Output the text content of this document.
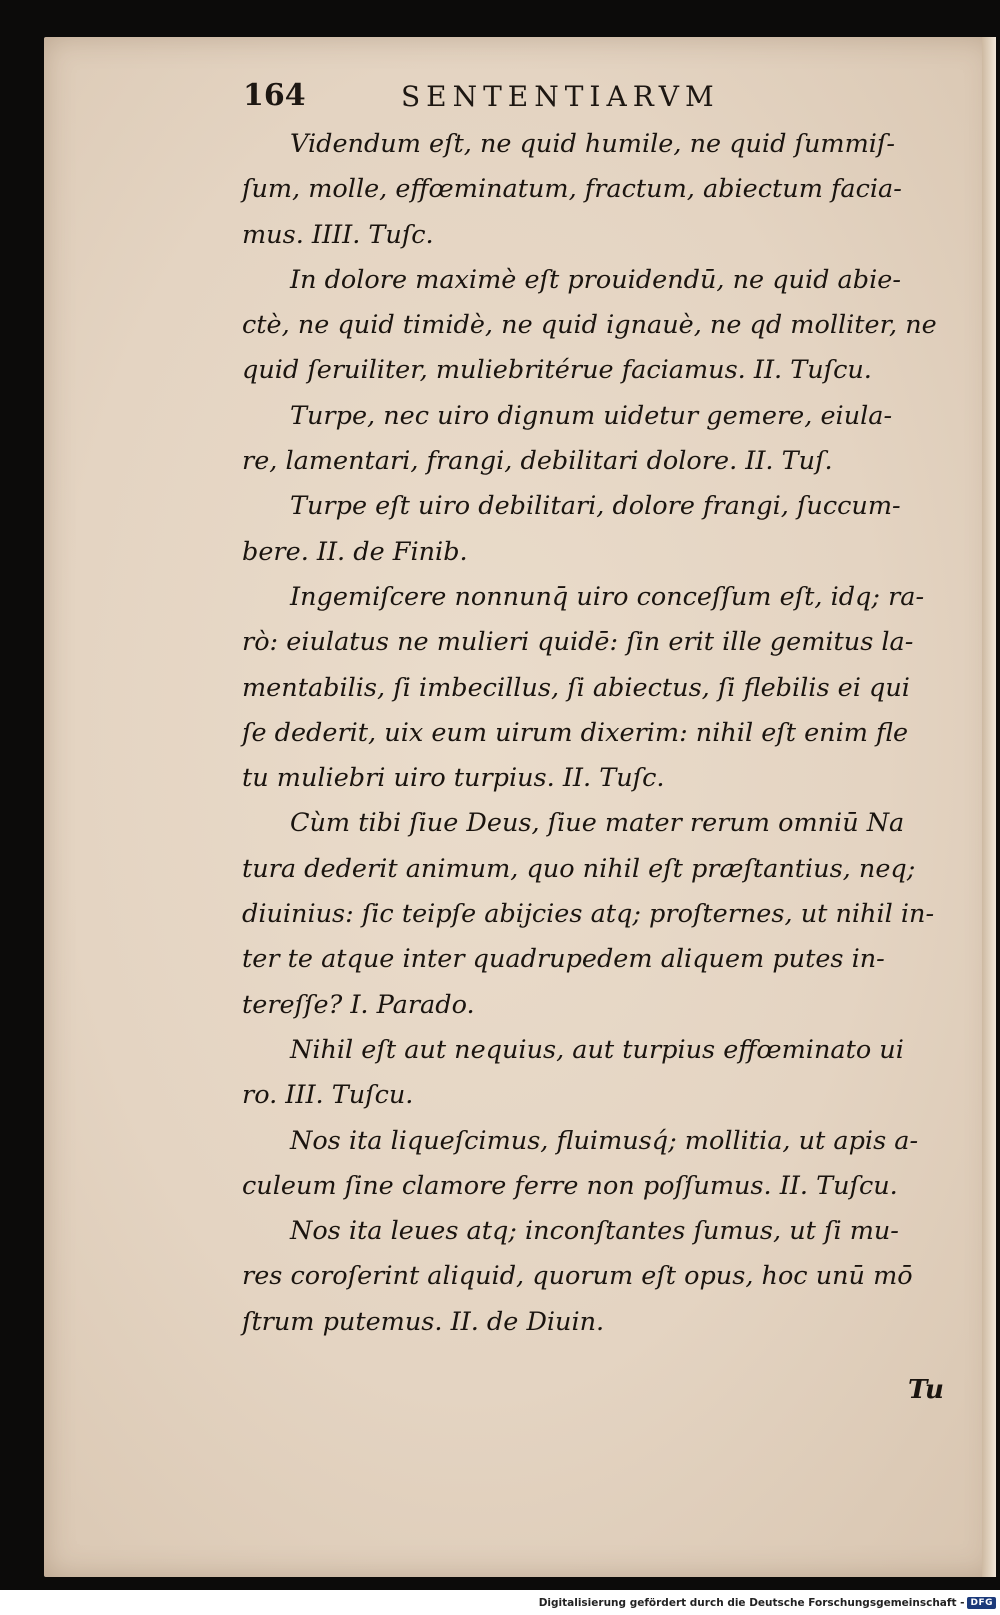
164	SENTENTIARVM
Videndum eſt, ne quid humile, ne quid ſummiſ-
ſum, molle, effœminatum, fractum, abiectum facia-
mus. IIII. Tuſc.
In dolore maximè eſt prouidendū, ne quid abie-
ctè, ne quid timidè, ne quid ignauè, ne qd molliter, ne
quid ſeruiliter, muliebritérue faciamus. II. Tuſcu.
Turpe, nec uiro dignum uidetur gemere, eiula-
re, lamentari, frangi, debilitari dolore. II. Tuſ.
Turpe eſt uiro debilitari, dolore frangi, ſuccum-
bere. II. de Finib.
Ingemiſcere nonnunq̄ uiro conceſſum eſt, idq; ra-
rò: eiulatus ne mulieri quidē: ſin erit ille gemitus la-
mentabilis, ſi imbecillus, ſi abiectus, ſi flebilis ei qui
ſe dederit, uix eum uirum dixerim: nihil eſt enim fle
tu muliebri uiro turpius. II. Tuſc.
Cùm tibi ſiue Deus, ſiue mater rerum omniū Na
tura dederit animum, quo nihil eſt præſtantius, neq;
diuinius: ſic teipſe abijcies atq; proſternes, ut nihil in-
ter te atque inter quadrupedem aliquem putes in-
tereſſe? I. Parado.
Nihil eſt aut nequius, aut turpius effœminato ui
ro. III. Tuſcu.
Nos ita liqueſcimus, fluimusq́; mollitia, ut apis a-
culeum ſine clamore ferre non poſſumus. II. Tuſcu.
Nos ita leues atq; inconſtantes ſumus, ut ſi mu-
res coroſerint aliquid, quorum eſt opus, hoc unū mō
ſtrum putemus. II. de Diuin.
Tu
Digitalisierung gefördert durch die Deutsche Forschungsgemeinschaft - DFG
